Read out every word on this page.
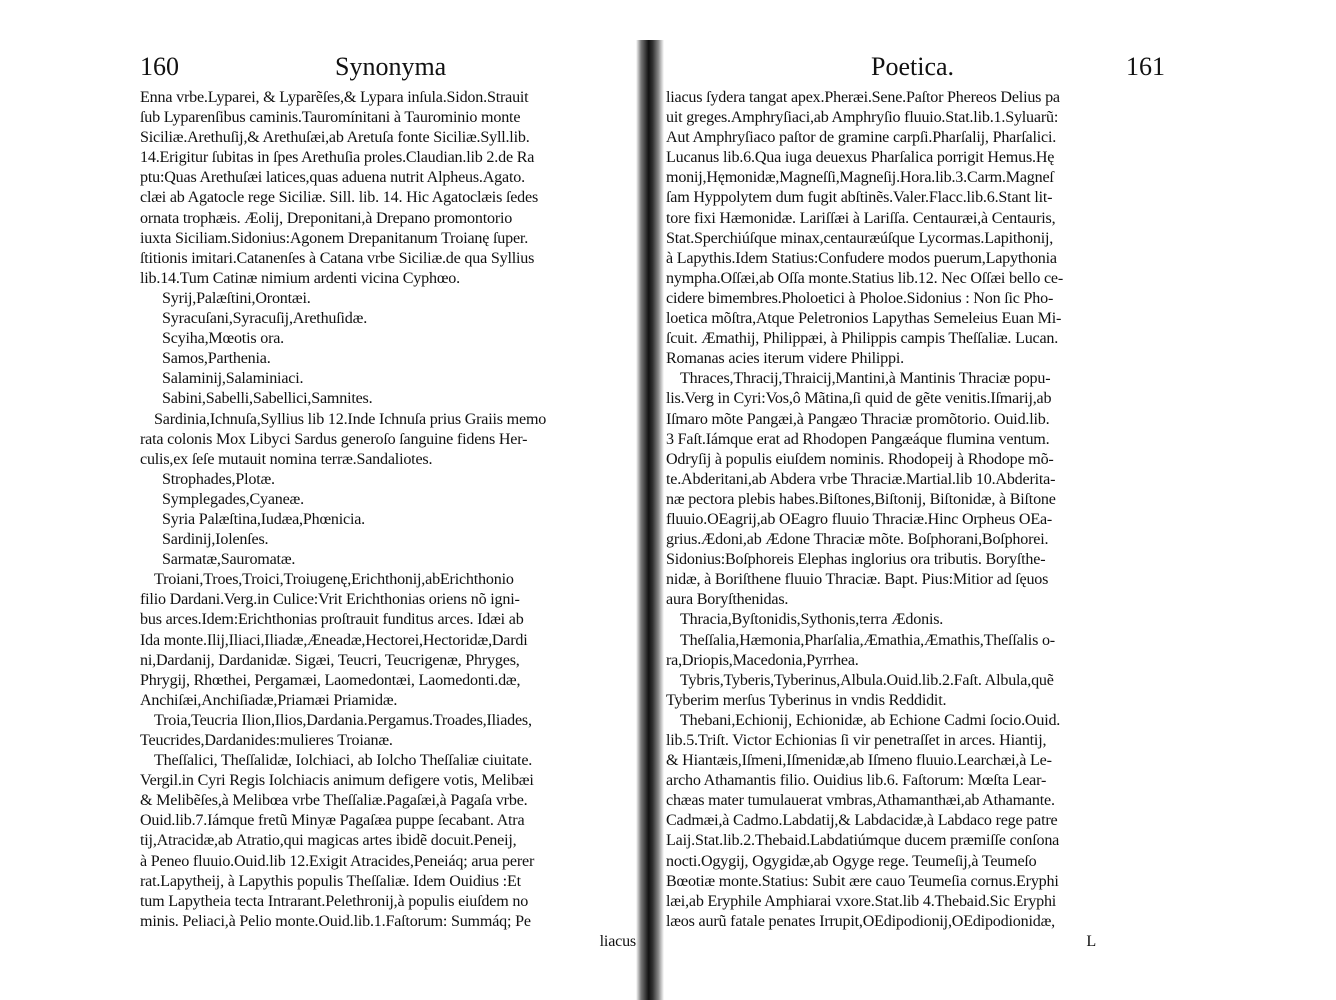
160	Synonyma
Enna vrbe.Lyparei, & Lyparẽſes,& Lypara inſula.Sidon.Strauit
ſub Lyparenſibus caminis.Tauromínitani à Taurominio monte
Siciliæ.Arethuſij,& Arethuſæi,ab Aretuſa fonte Siciliæ.Syll.lib.
14.Erigitur ſubitas in ſpes Arethuſia proles.Claudian.lib 2.de Ra
ptu:Quas Arethuſæi latices,quas aduena nutrit Alpheus.Agato.
clæi ab Agatocle rege Siciliæ. Sill. lib. 14. Hic Agatoclæis ſedes
ornata trophæis. Æolij, Dreponitani,à Drepano promontorio
iuxta Siciliam.Sidonius:Agonem Drepanitanum Troianę ſuper.
ſtitionis imitari.Catanenſes à Catana vrbe Siciliæ.de qua Syllius
lib.14.Tum Catinæ nimium ardenti vicina Cyphœo.
Syrij,Palæſtini,Orontæi.
Syracuſani,Syracuſij,Arethuſidæ.
Scyiha,Mœotis ora.
Samos,Parthenia.
Salaminij,Salaminiaci.
Sabini,Sabelli,Sabellici,Samnites.
Sardinia,Ichnuſa,Syllius lib 12.Inde Ichnuſa prius Graiis memo
rata colonis Mox Libyci Sardus generoſo ſanguine fidens Her-
culis,ex ſeſe mutauit nomina terræ.Sandaliotes.
Strophades,Plotæ.
Symplegades,Cyaneæ.
Syria Palæſtina,Iudæa,Phœnicia.
Sardinij,Iolenſes.
Sarmatæ,Sauromatæ.
Troiani,Troes,Troici,Troiugenę,Erichthonij,abErichthonio
filio Dardani.Verg.in Culice:Vrit Erichthonias oriens nõ igni-
bus arces.Idem:Erichthonias proſtrauit funditus arces. Idæi ab
Ida monte.Ilij,Iliaci,Iliadæ,Æneadæ,Hectorei,Hectoridæ,Dardi
ni,Dardanij, Dardanidæ. Sigæi, Teucri, Teucrigenæ, Phryges,
Phrygij, Rhœthei, Pergamæi, Laomedontæi, Laomedonti.dæ,
Anchiſæi,Anchiſiadæ,Priamæi Priamidæ.
Troia,Teucria Ilion,Ilios,Dardania.Pergamus.Troades,Iliades,
Teucrides,Dardanides:mulieres Troianæ.
Theſſalici, Theſſalidæ, Iolchiaci, ab Iolcho Theſſaliæ ciuitate.
Vergil.in Cyri Regis Iolchiacis animum defigere votis, Melibæi
& Melibẽſes,à Melibœa vrbe Theſſaliæ.Pagaſæi,à Pagaſa vrbe.
Ouid.lib.7.Iámque fretũ Minyæ Pagaſæa puppe ſecabant. Atra
tij,Atracidæ,ab Atratio,qui magicas artes ibidẽ docuit.Peneij,
à Peneo fluuio.Ouid.lib 12.Exigit Atracides,Peneiáq; arua perer
rat.Lapytheij, à Lapythis populis Theſſaliæ. Idem Ouidius :Et
tum Lapytheia tecta Intrarant.Pelethronij,à populis eiuſdem no
minis. Peliaci,à Pelio monte.Ouid.lib.1.Faſtorum: Summáq; Pe
liacus
Poetica.	161
liacus ſydera tangat apex.Pheræi.Sene.Paſtor Phereos Delius pa
uit greges.Amphryſiaci,ab Amphryſio fluuio.Stat.lib.1.Syluarũ:
Aut Amphryſiaco paſtor de gramine carpſi.Pharſalij, Pharſalici.
Lucanus lib.6.Qua iuga deuexus Pharſalica porrigit Hemus.Hę
monij,Hęmonidæ,Magneſſi,Magneſij.Hora.lib.3.Carm.Magneſ
ſam Hyppolytem dum fugit abſtinẽs.Valer.Flacc.lib.6.Stant lit-
tore fixi Hæmonidæ. Lariſſæi à Lariſſa. Centauræi,à Centauris,
Stat.Sperchiúſque minax,centauræúſque Lycormas.Lapithonij,
à Lapythis.Idem Statius:Confudere modos puerum,Lapythonia
nympha.Oſſæi,ab Oſſa monte.Statius lib.12. Nec Oſſæi bello ce-
cidere bimembres.Pholoetici à Pholoe.Sidonius : Non ſic Pho-
loetica mõſtra,Atque Peletronios Lapythas Semeleius Euan Mi-
ſcuit. Æmathij, Philippæi, à Philippis campis Theſſaliæ. Lucan.
Romanas acies iterum videre Philippi.
Thraces,Thracij,Thraicij,Mantini,à Mantinis Thraciæ popu-
lis.Verg in Cyri:Vos,ô Mãtina,ſi quid de gẽte venitis.Iſmarij,ab
Iſmaro mõte Pangæi,à Pangæo Thraciæ promõtorio. Ouid.lib.
3 Faſt.Iámque erat ad Rhodopen Pangæáque flumina ventum.
Odryſij à populis eiuſdem nominis. Rhodopeij à Rhodope mõ-
te.Abderitani,ab Abdera vrbe Thraciæ.Martial.lib 10.Abderita-
næ pectora plebis habes.Biſtones,Biſtonij, Biſtonidæ, à Biſtone
fluuio.OEagrij,ab OEagro fluuio Thraciæ.Hinc Orpheus OEa-
grius.Ædoni,ab Ædone Thraciæ mõte. Boſphorani,Boſphorei.
Sidonius:Boſphoreis Elephas inglorius ora tributis. Boryſthe-
nidæ, à Boriſthene fluuio Thraciæ. Bapt. Pius:Mitior ad ſęuos
aura Boryſthenidas.
Thracia,Byſtonidis,Sythonis,terra Ædonis.
Theſſalia,Hæmonia,Pharſalia,Æmathia,Æmathis,Theſſalis o-
ra,Driopis,Macedonia,Pyrrhea.
Tybris,Tyberis,Tyberinus,Albula.Ouid.lib.2.Faſt. Albula,quẽ
Tyberim merſus Tyberinus in vndis Reddidit.
Thebani,Echionij, Echionidæ, ab Echione Cadmi ſocio.Ouid.
lib.5.Triſt. Victor Echionias ſi vir penetraſſet in arces. Hiantij,
& Hiantæis,Iſmeni,Iſmenidæ,ab Iſmeno fluuio.Learchæi,à Le-
archo Athamantis filio. Ouidius lib.6. Faſtorum: Mœſta Lear-
chæas mater tumulauerat vmbras,Athamanthæi,ab Athamante.
Cadmæi,à Cadmo.Labdatij,& Labdacidæ,à Labdaco rege patre
Laij.Stat.lib.2.Thebaid.Labdatiúmque ducem præmiſſe conſona
nocti.Ogygij, Ogygidæ,ab Ogyge rege. Teumeſij,à Teumeſo
Bœotiæ monte.Statius: Subit ære cauo Teumeſia cornus.Eryphi
læi,ab Eryphile Amphiarai vxore.Stat.lib 4.Thebaid.Sic Eryphi
læos aurũ fatale penates Irrupit,OEdipodionij,OEdipodionidæ,
L
